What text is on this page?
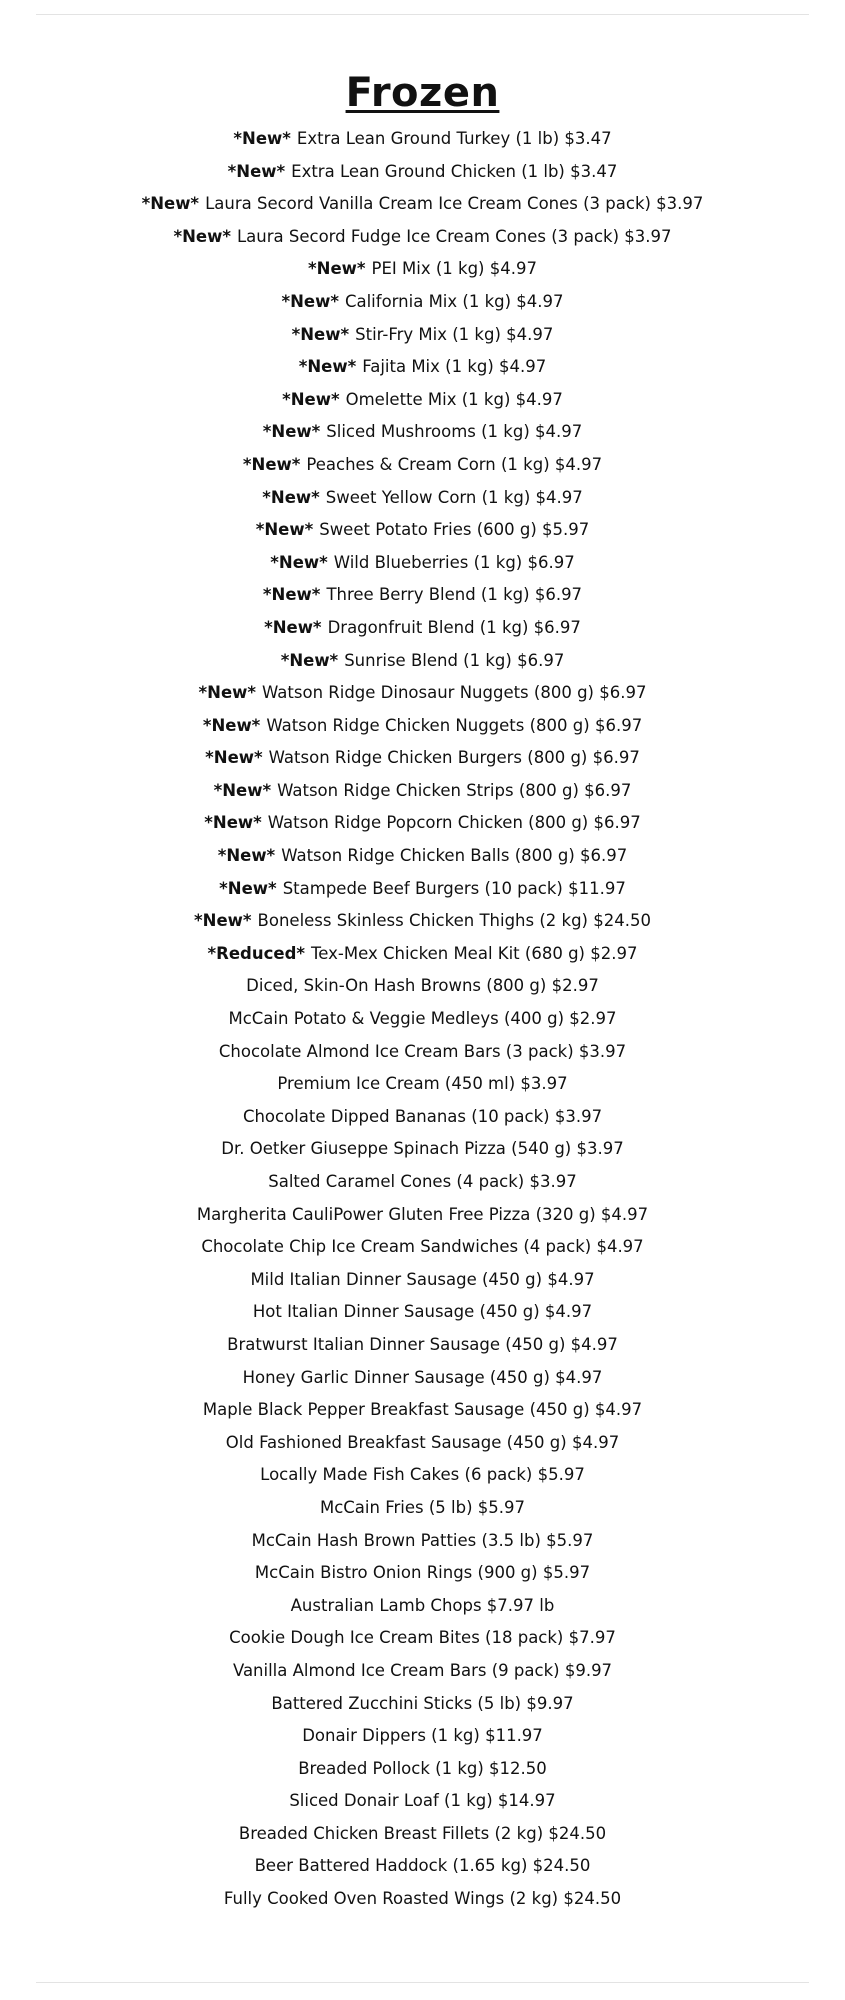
Frozen
*New* Extra Lean Ground Turkey (1 lb) $3.47
*New* Extra Lean Ground Chicken (1 lb) $3.47
*New* Laura Secord Vanilla Cream Ice Cream Cones (3 pack) $3.97
*New* Laura Secord Fudge Ice Cream Cones (3 pack) $3.97
*New* PEI Mix (1 kg) $4.97
*New* California Mix (1 kg) $4.97
*New* Stir-Fry Mix (1 kg) $4.97
*New* Fajita Mix (1 kg) $4.97
*New* Omelette Mix (1 kg) $4.97
*New* Sliced Mushrooms (1 kg) $4.97
*New* Peaches & Cream Corn (1 kg) $4.97
*New* Sweet Yellow Corn (1 kg) $4.97
*New* Sweet Potato Fries (600 g) $5.97
*New* Wild Blueberries (1 kg) $6.97
*New* Three Berry Blend (1 kg) $6.97
*New* Dragonfruit Blend (1 kg) $6.97
*New* Sunrise Blend (1 kg) $6.97
*New* Watson Ridge Dinosaur Nuggets (800 g) $6.97
*New* Watson Ridge Chicken Nuggets (800 g) $6.97
*New* Watson Ridge Chicken Burgers (800 g) $6.97
*New* Watson Ridge Chicken Strips (800 g) $6.97
*New* Watson Ridge Popcorn Chicken (800 g) $6.97
*New* Watson Ridge Chicken Balls (800 g) $6.97
*New* Stampede Beef Burgers (10 pack) $11.97
*New* Boneless Skinless Chicken Thighs (2 kg) $24.50
*Reduced* Tex-Mex Chicken Meal Kit (680 g) $2.97
Diced, Skin-On Hash Browns (800 g) $2.97
McCain Potato & Veggie Medleys (400 g) $2.97
Chocolate Almond Ice Cream Bars (3 pack) $3.97
Premium Ice Cream (450 ml) $3.97
Chocolate Dipped Bananas (10 pack) $3.97
Dr. Oetker Giuseppe Spinach Pizza (540 g) $3.97
Salted Caramel Cones (4 pack) $3.97
Margherita CauliPower Gluten Free Pizza (320 g) $4.97
Chocolate Chip Ice Cream Sandwiches (4 pack) $4.97
Mild Italian Dinner Sausage (450 g) $4.97
Hot Italian Dinner Sausage (450 g) $4.97
Bratwurst Italian Dinner Sausage (450 g) $4.97
Honey Garlic Dinner Sausage (450 g) $4.97
Maple Black Pepper Breakfast Sausage (450 g) $4.97
Old Fashioned Breakfast Sausage (450 g) $4.97
Locally Made Fish Cakes (6 pack) $5.97
McCain Fries (5 lb) $5.97
McCain Hash Brown Patties (3.5 lb) $5.97
McCain Bistro Onion Rings (900 g) $5.97
Australian Lamb Chops $7.97 lb
Cookie Dough Ice Cream Bites (18 pack) $7.97
Vanilla Almond Ice Cream Bars (9 pack) $9.97
Battered Zucchini Sticks (5 lb) $9.97
Donair Dippers (1 kg) $11.97
Breaded Pollock (1 kg) $12.50
Sliced Donair Loaf (1 kg) $14.97
Breaded Chicken Breast Fillets (2 kg) $24.50
Beer Battered Haddock (1.65 kg) $24.50
Fully Cooked Oven Roasted Wings (2 kg) $24.50
